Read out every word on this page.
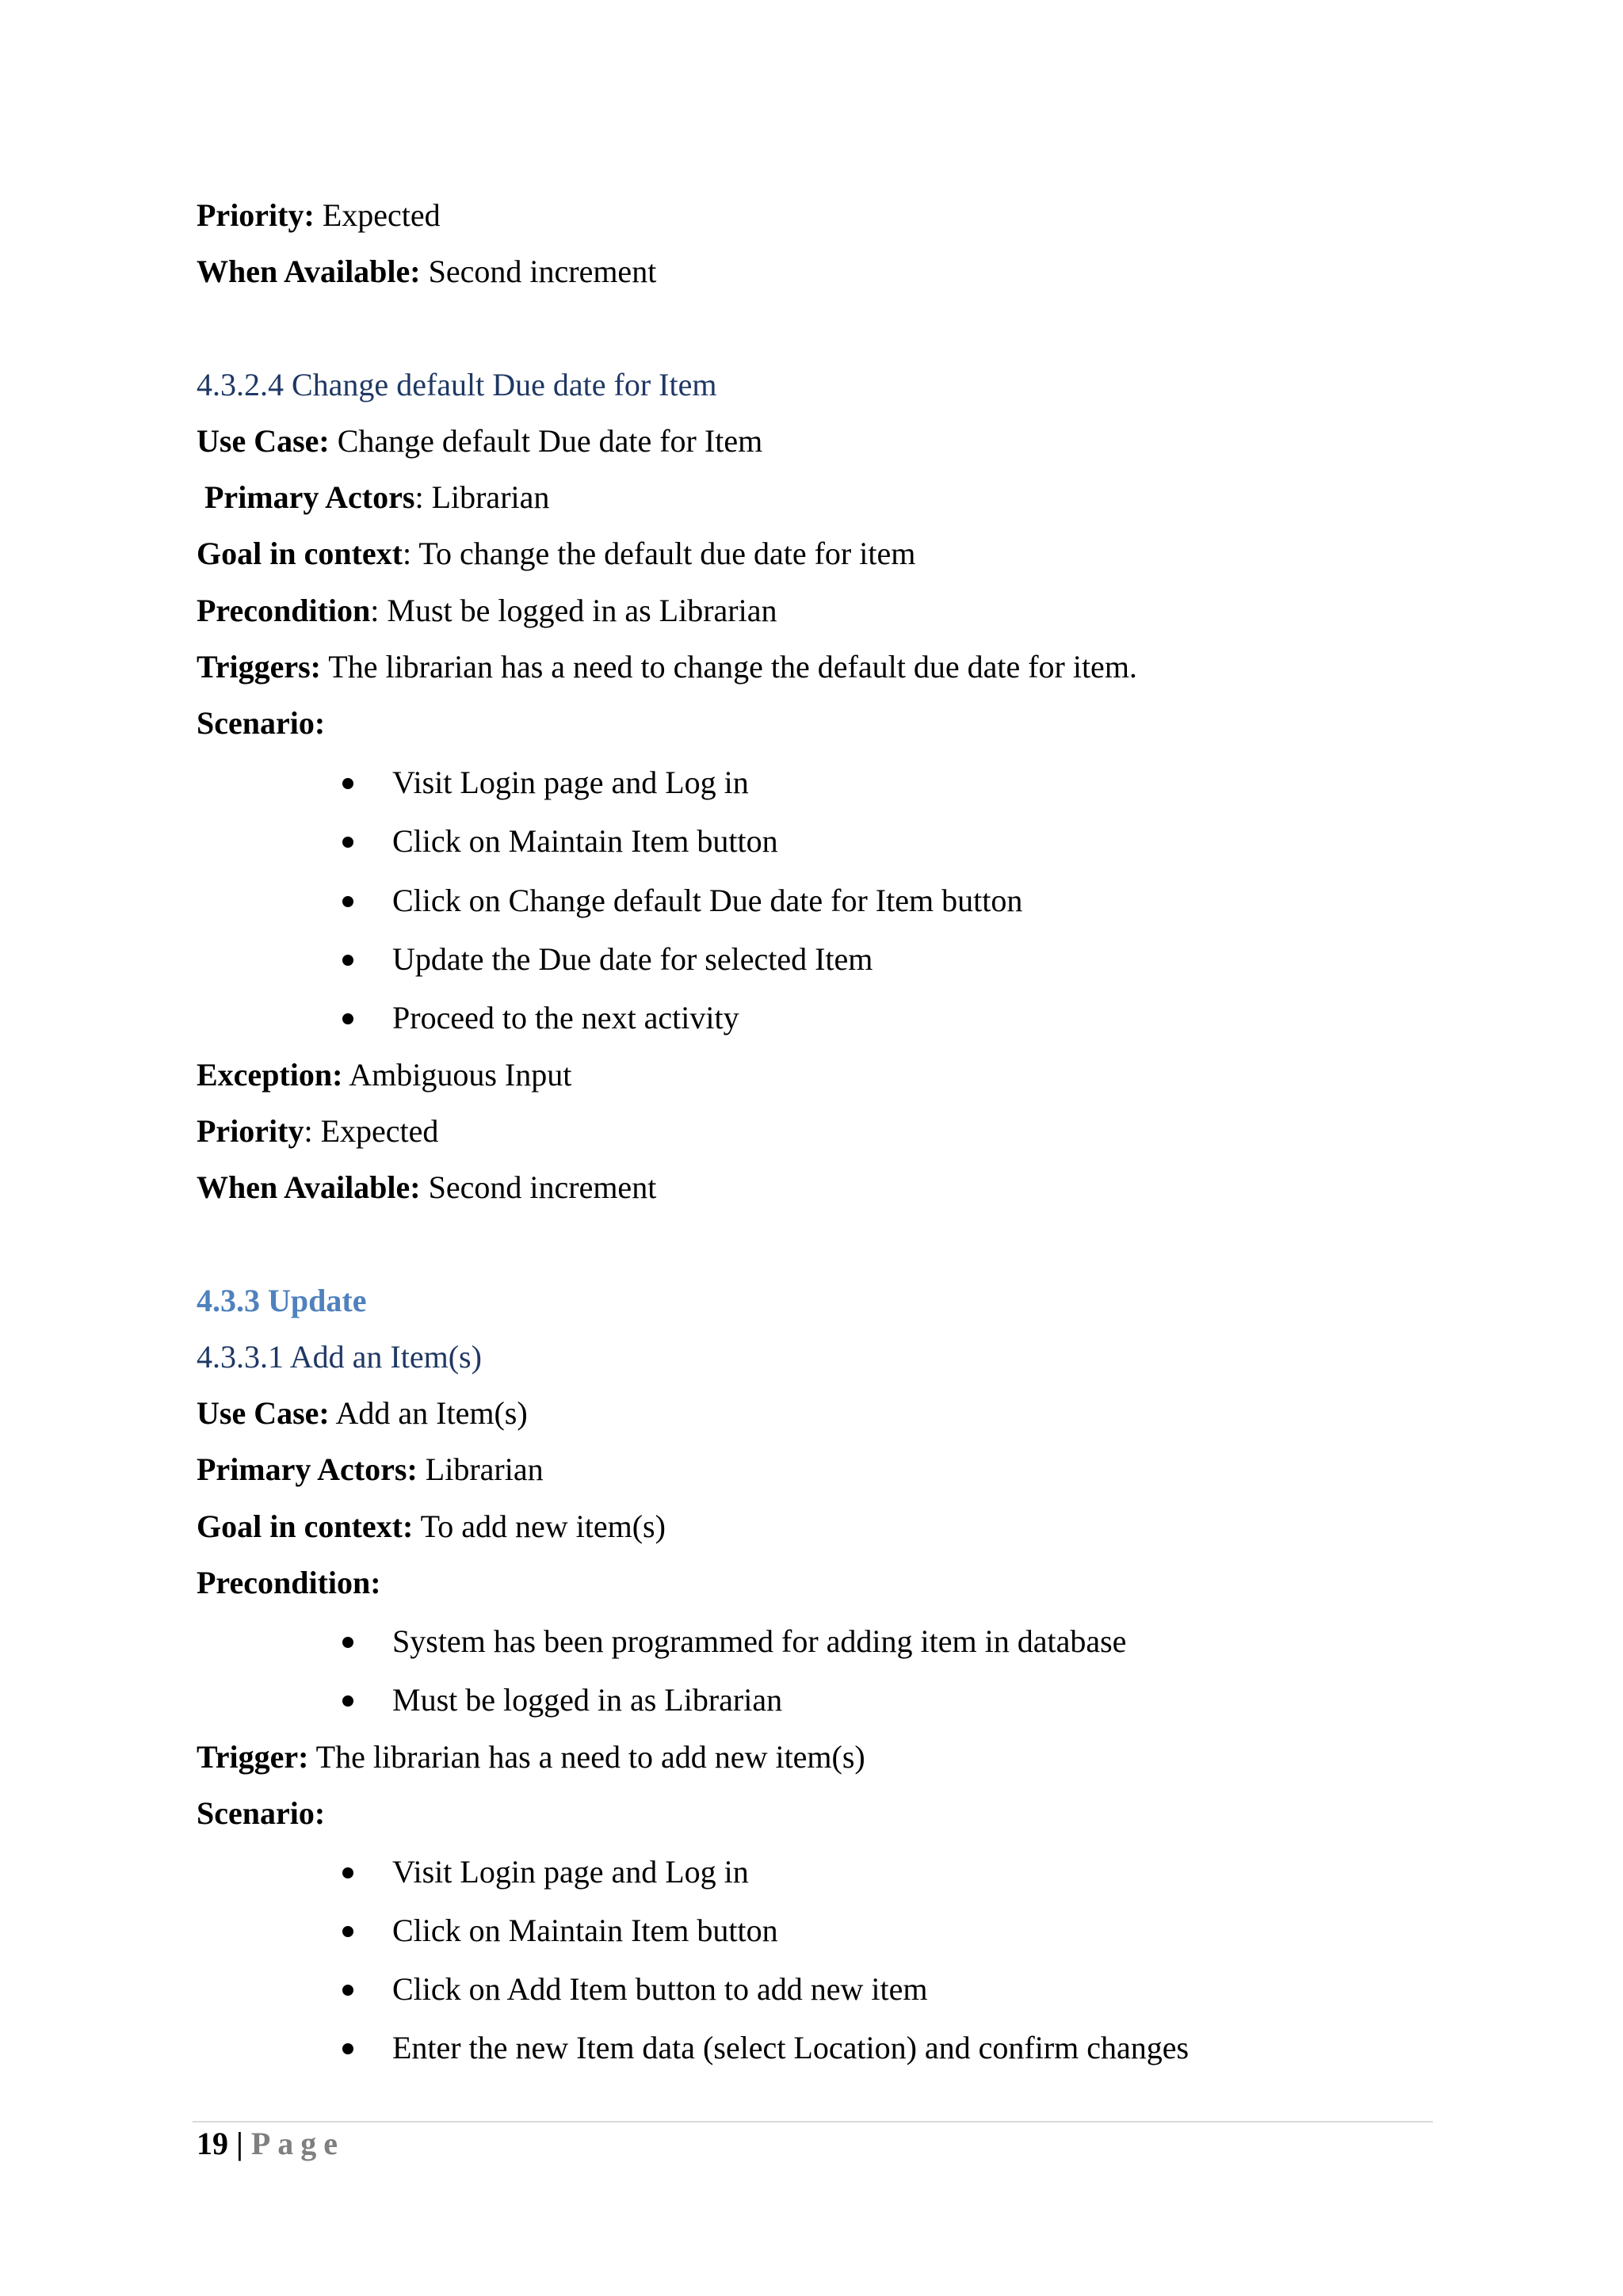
Priority: Expected
When Available: Second increment
4.3.2.4 Change default Due date for Item
Use Case: Change default Due date for Item
Primary Actors: Librarian
Goal in context: To change the default due date for item
Precondition: Must be logged in as Librarian
Triggers: The librarian has a need to change the default due date for item.
Scenario:
Visit Login page and Log in
Click on Maintain Item button
Click on Change default Due date for Item button
Update the Due date for selected Item
Proceed to the next activity
Exception: Ambiguous Input
Priority: Expected
When Available: Second increment
4.3.3 Update
4.3.3.1 Add an Item(s)
Use Case: Add an Item(s)
Primary Actors: Librarian
Goal in context: To add new item(s)
Precondition:
System has been programmed for adding item in database
Must be logged in as Librarian
Trigger: The librarian has a need to add new item(s)
Scenario:
Visit Login page and Log in
Click on Maintain Item button
Click on Add Item button to add new item
Enter the new Item data (select Location) and confirm changes
19 | Page
